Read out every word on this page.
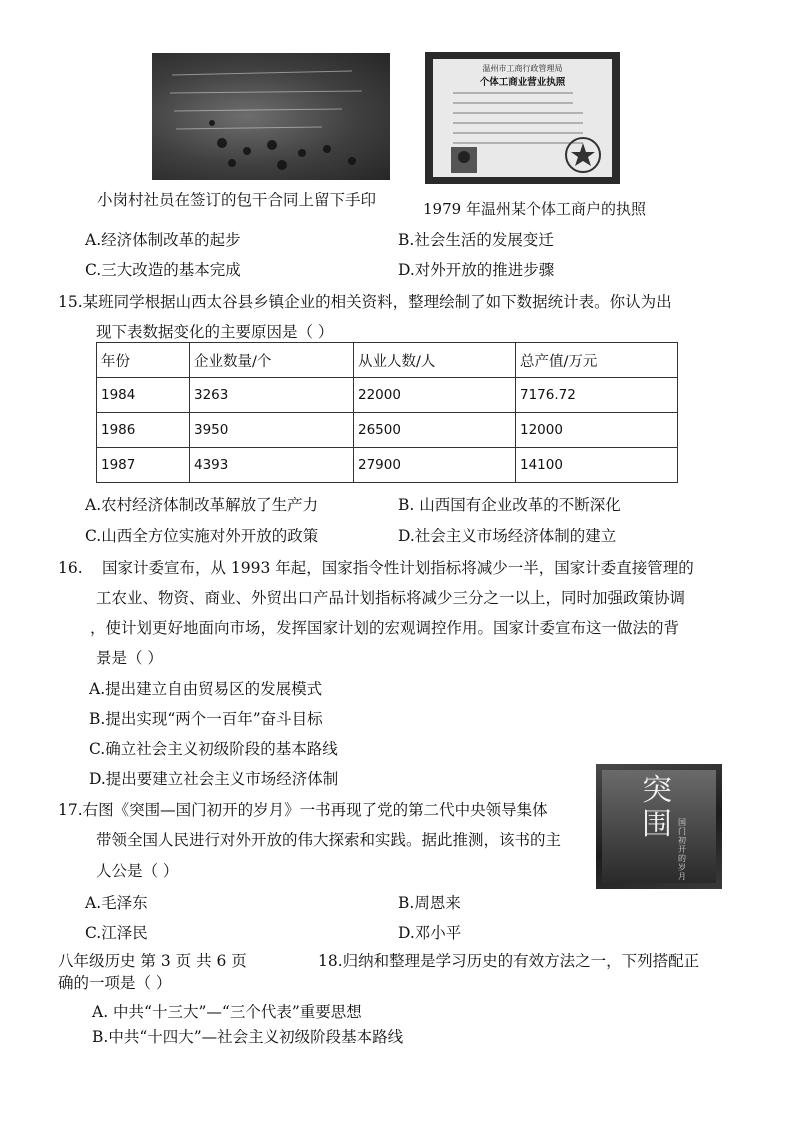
温州市工商行政管理局
个体工商业营业执照
小岗村社员在签订的包干合同上留下手印	1979 年温州某个体工商户的执照
A.经济体制改革的起步	B.社会生活的发展变迁
C.三大改造的基本完成	D.对外开放的推进步骤
15.某班同学根据山西太谷县乡镇企业的相关资料，整理绘制了如下数据统计表。你认为出
现下表数据变化的主要原因是（ ）
年份	企业数量/个	从业人数/人	总产值/万元
1984	3263	22000	7176.72
1986	3950	26500	12000
1987	4393	27900	14100
A.农村经济体制改革解放了生产力	B. 山西国有企业改革的不断深化
C.山西全方位实施对外开放的政策	D.社会主义市场经济体制的建立
16. 国家计委宣布，从 1993 年起，国家指令性计划指标将减少一半，国家计委直接管理的
工农业、物资、商业、外贸出口产品计划指标将减少三分之一以上，同时加强政策协调
，使计划更好地面向市场，发挥国家计划的宏观调控作用。国家计委宣布这一做法的背
景是（ ）
A.提出建立自由贸易区的发展模式
B.提出实现“两个一百年”奋斗目标
C.确立社会主义初级阶段的基本路线
D.提出要建立社会主义市场经济体制	突围 国门初开的岁月
17.右图《突围—国门初开的岁月》一书再现了党的第二代中央领导集体
带领全国人民进行对外开放的伟大探索和实践。据此推测，该书的主
人公是（ ）
A.毛泽东	B.周恩来
C.江泽民	D.邓小平
八年级历史 第 3 页 共 6 页	18.归纳和整理是学习历史的有效方法之一，下列搭配正
确的一项是（ ）
A. 中共“十三大”—“三个代表”重要思想
B.中共“十四大”—社会主义初级阶段基本路线
